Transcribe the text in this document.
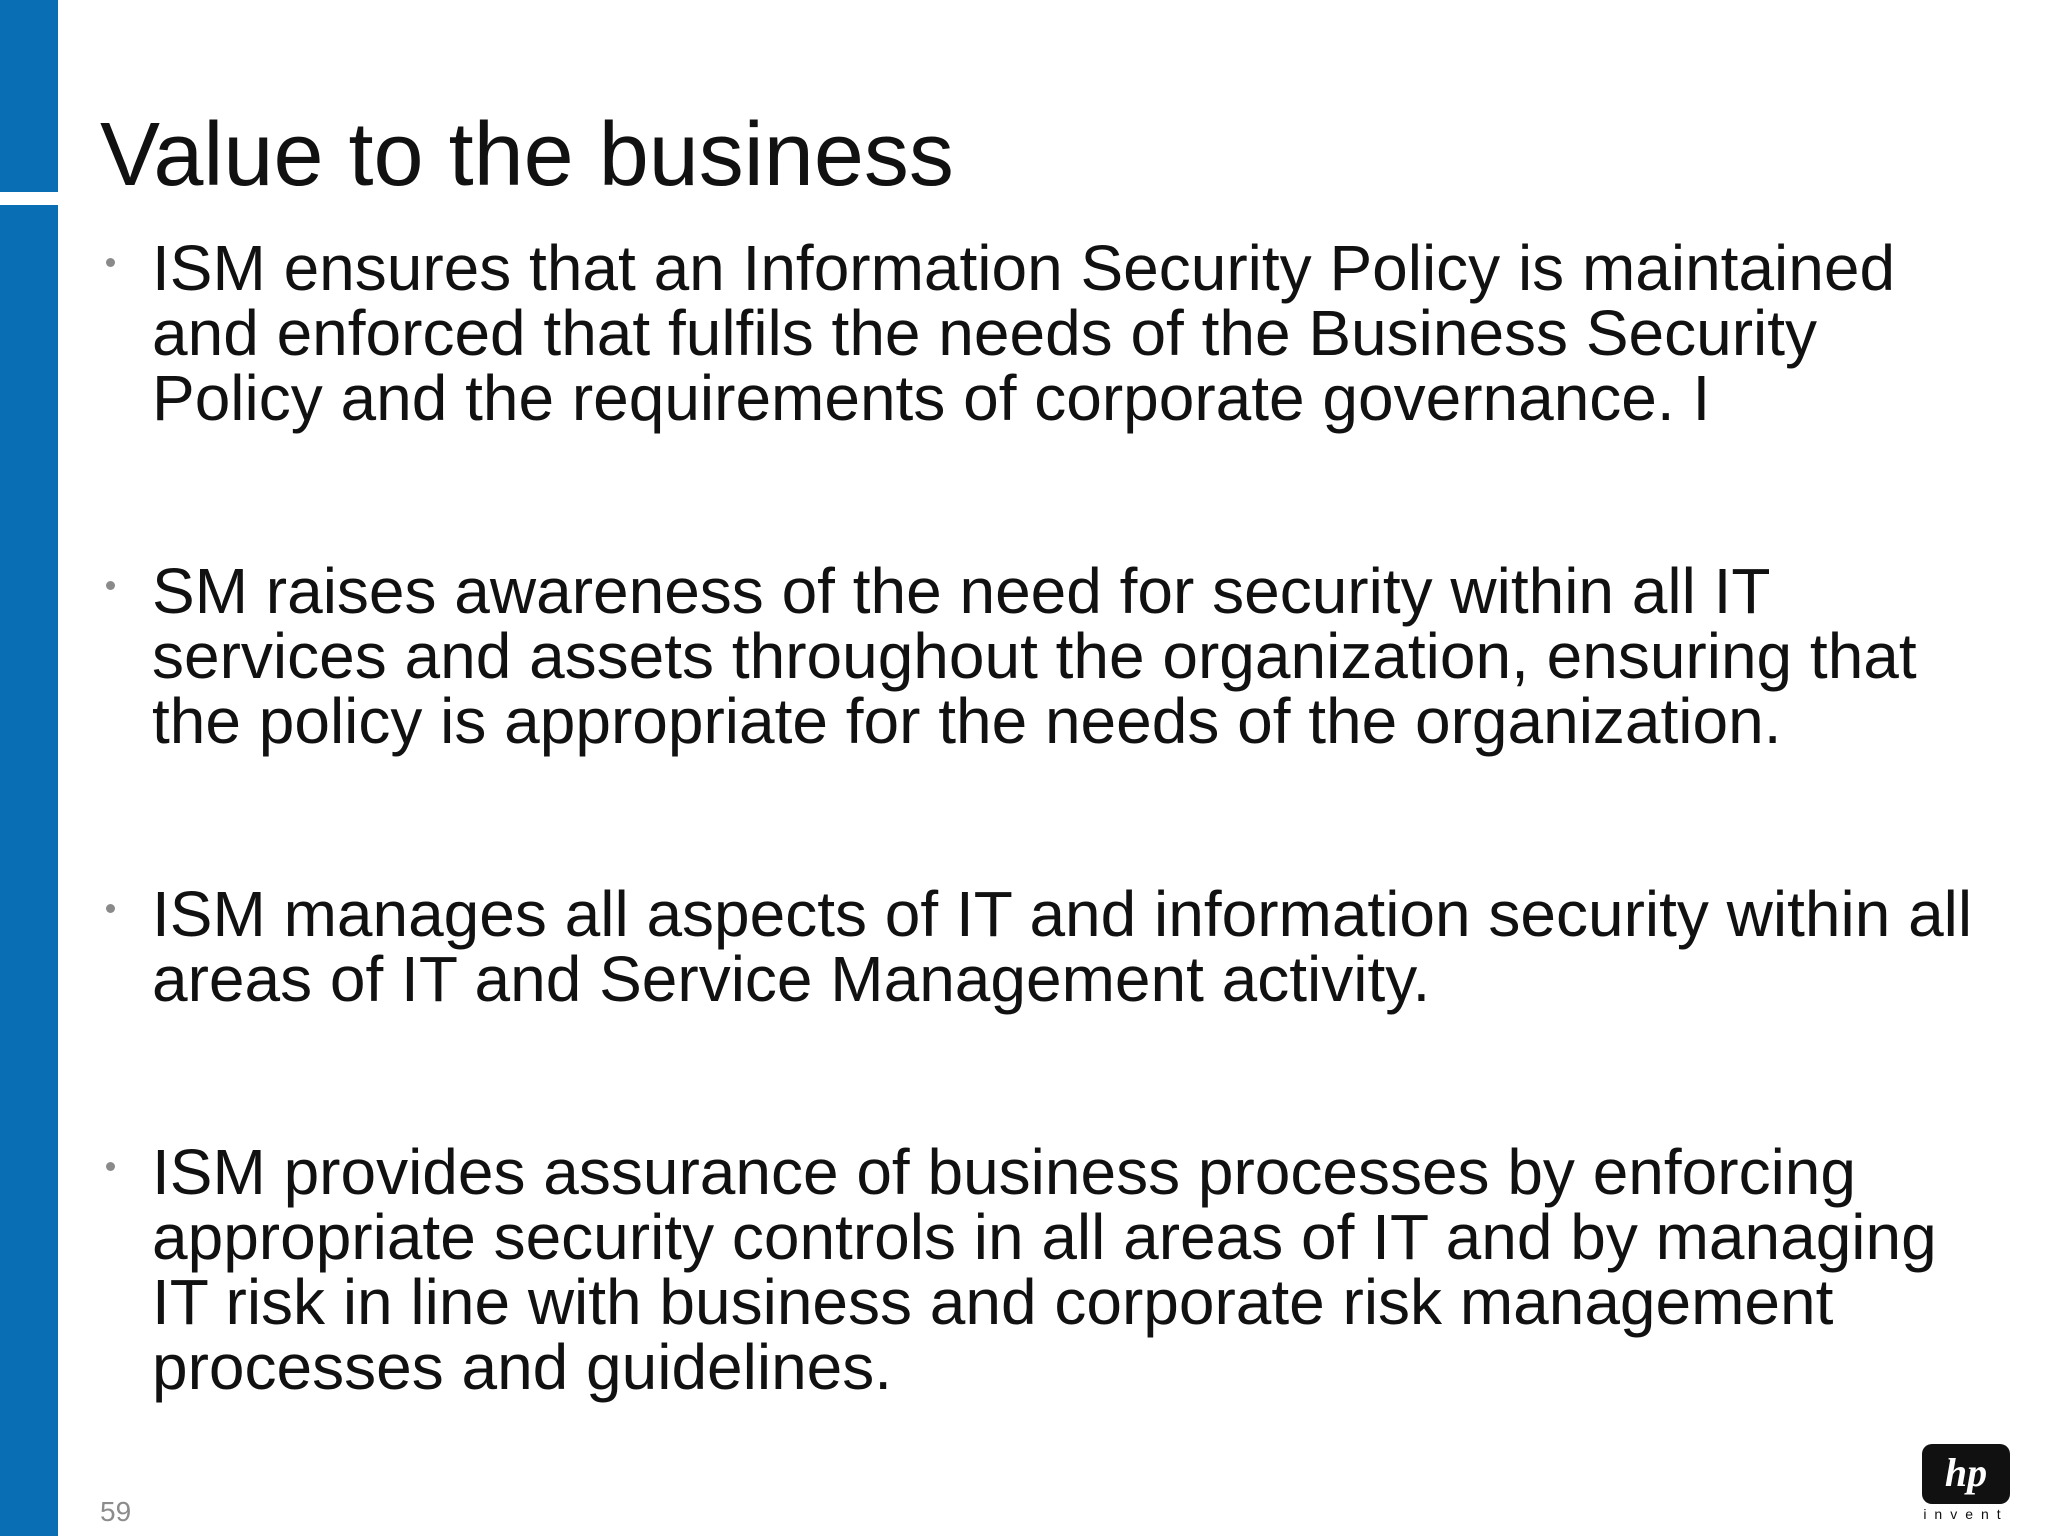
Value to the business
ISM ensures that an Information Security Policy is maintained and enforced that fulfils the needs of the Business Security Policy and the requirements of corporate governance. I
SM raises awareness of the need for security within all IT services and assets throughout the organization, ensuring that the policy is appropriate for the needs of the organization.
ISM manages all aspects of IT and information security within all areas of IT and Service Management activity.
ISM provides assurance of business processes by enforcing appropriate security controls in all areas of IT and by managing IT risk in line with business and corporate risk management processes and guidelines.
59
hp
invent
